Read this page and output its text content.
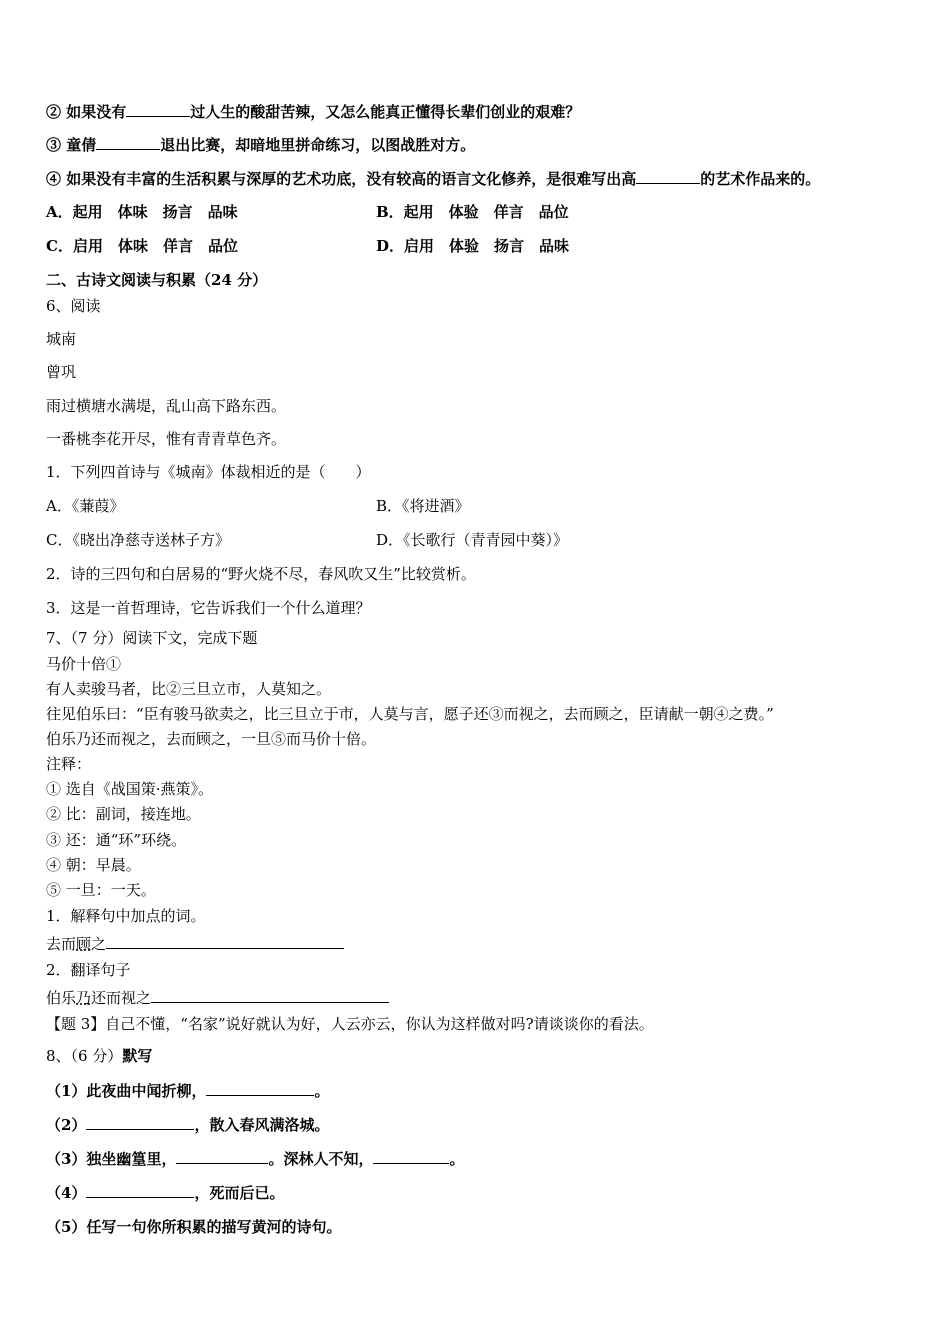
② 如果没有	过人生的酸甜苦辣，又怎么能真正懂得长辈们创业的艰难？
③ 童倩	退出比赛，却暗地里拼命练习，以图战胜对方。
④ 如果没有丰富的生活积累与深厚的艺术功底，没有较高的语言文化修养，是很难写出高	的艺术作品来的。
A．起用　体味　扬言　品味	B．起用　体验　佯言　品位
C．启用　体味　佯言　品位	D．启用　体验　扬言　品味
二、古诗文阅读与积累（24 分）
6、阅读
城南
曾巩
雨过横塘水满堤，乱山高下路东西。
一番桃李花开尽，惟有青青草色齐。
1．下列四首诗与《城南》体裁相近的是（　　）
A．《蒹葭》	B．《将进酒》
C．《晓出净慈寺送林子方》	D．《长歌行（青青园中葵）》
2．诗的三四句和白居易的“野火烧不尽，春风吹又生”比较赏析。
3．这是一首哲理诗，它告诉我们一个什么道理？
7、（7 分）阅读下文，完成下题
马价十倍①
有人卖骏马者，比②三旦立市，人莫知之。
往见伯乐曰：“臣有骏马欲卖之，比三旦立于市，人莫与言，愿子还③而视之，去而顾之，臣请献一朝④之费。”
伯乐乃还而视之，去而顾之，一旦⑤而马价十倍。
注释：
① 选自《战国策·燕策》。
② 比：副词，接连地。
③ 还：通“环”环绕。
④ 朝：早晨。
⑤ 一旦：一天。
1．解释句中加点的词。
去而顾之
2．翻译句子
伯乐乃还而视之
【题 3】自己不懂，“名家”说好就认为好，人云亦云，你认为这样做对吗?请谈谈你的看法。
8、（6 分）默写
（1）此夜曲中闻折柳，	。
（2）	，散入春风满洛城。
（3）独坐幽篁里，	。深林人不知，	。
（4）	，死而后已。
（5）任写一句你所积累的描写黄河的诗句。
